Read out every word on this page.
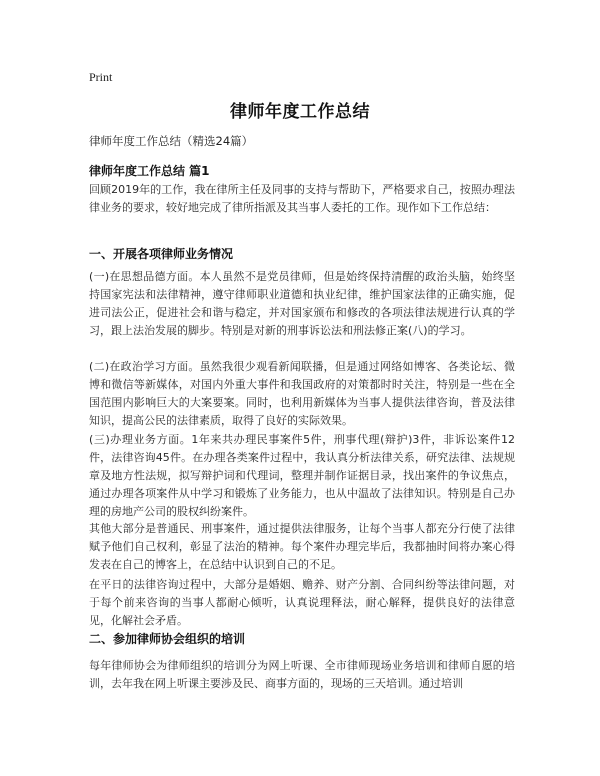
Print
律师年度工作总结
律师年度工作总结（精选24篇）
律师年度工作总结 篇1
回顾2019年的工作，我在律所主任及同事的支持与帮助下，严格要求自己，按照办理法律业务的要求，较好地完成了律所指派及其当事人委托的工作。现作如下工作总结：
一、开展各项律师业务情况
(一)在思想品德方面。本人虽然不是党员律师，但是始终保持清醒的政治头脑，始终坚持国家宪法和法律精神，遵守律师职业道德和执业纪律，维护国家法律的正确实施，促进司法公正，促进社会和谐与稳定，并对国家颁布和修改的各项法律法规进行认真的学习，跟上法治发展的脚步。特别是对新的刑事诉讼法和刑法修正案(八)的学习。
(二)在政治学习方面。虽然我很少观看新闻联播，但是通过网络如博客、各类论坛、微博和微信等新媒体，对国内外重大事件和我国政府的对策都时时关注，特别是一些在全国范围内影响巨大的大案要案。同时，也利用新媒体为当事人提供法律咨询，普及法律知识，提高公民的法律素质，取得了良好的实际效果。
(三)办理业务方面。1年来共办理民事案件5件，刑事代理(辩护)3件，非诉讼案件12件，法律咨询45件。在办理各类案件过程中，我认真分析法律关系，研究法律、法规规章及地方性法规，拟写辩护词和代理词，整理并制作证据目录，找出案件的争议焦点，通过办理各项案件从中学习和锻炼了业务能力，也从中温故了法律知识。特别是自己办理的房地产公司的股权纠纷案件。
其他大部分是普通民、刑事案件，通过提供法律服务，让每个当事人都充分行使了法律赋予他们自己权利，彰显了法治的精神。每个案件办理完毕后，我都抽时间将办案心得发表在自己的博客上，在总结中认识到自己的不足。
在平日的法律咨询过程中，大部分是婚姻、赡养、财产分割、合同纠纷等法律问题，对于每个前来咨询的当事人都耐心倾听，认真说理释法，耐心解释，提供良好的法律意见，化解社会矛盾。
二、参加律师协会组织的培训
每年律师协会为律师组织的培训分为网上听课、全市律师现场业务培训和律师自愿的培训，去年我在网上听课主要涉及民、商事方面的，现场的三天培训。通过培训
